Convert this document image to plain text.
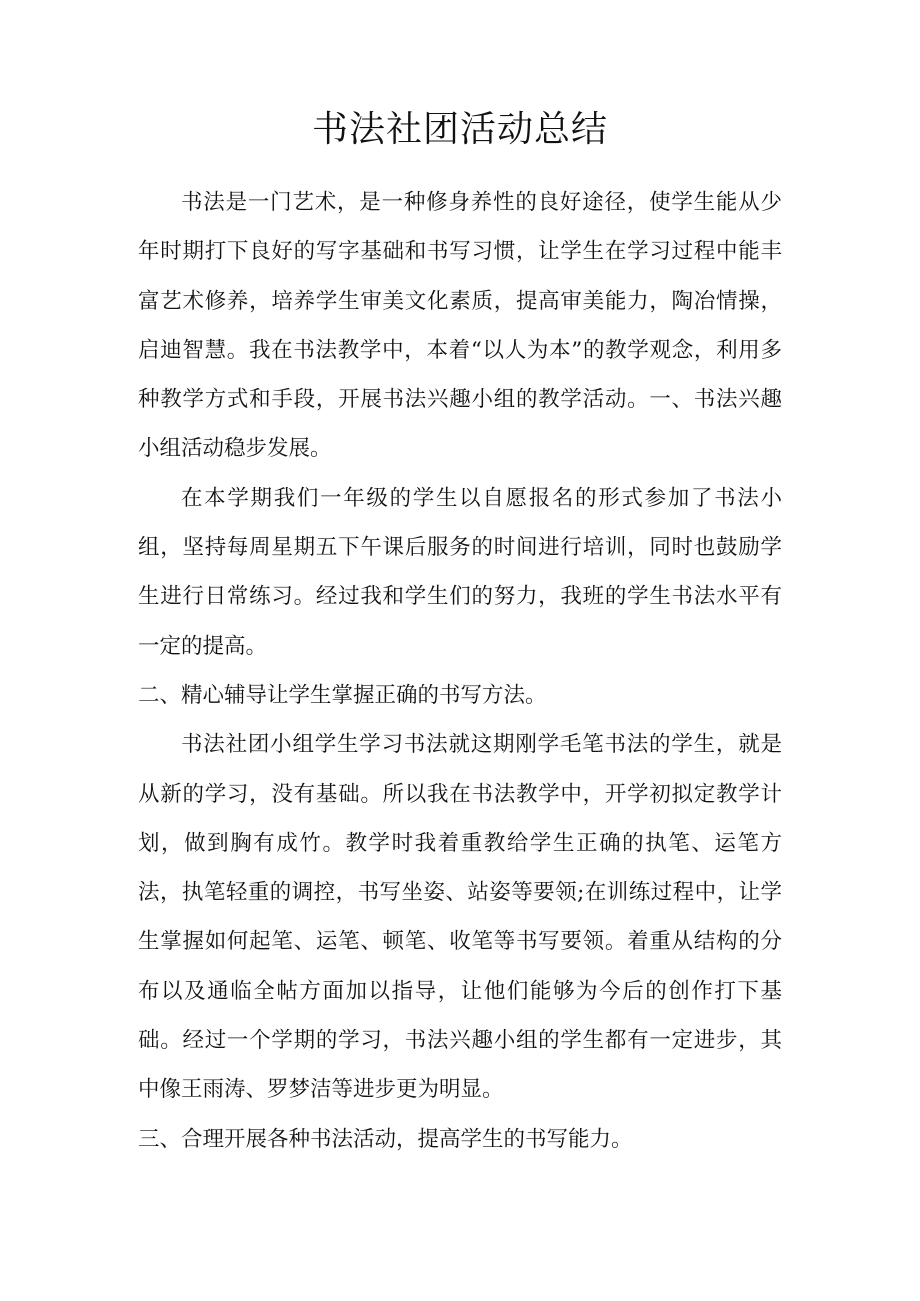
书法社团活动总结

书法是一门艺术，是一种修身养性的良好途径，使学生能从少年时期打下良好的写字基础和书写习惯，让学生在学习过程中能丰富艺术修养，培养学生审美文化素质，提高审美能力，陶冶情操，启迪智慧。我在书法教学中，本着“以人为本”的教学观念，利用多种教学方式和手段，开展书法兴趣小组的教学活动。一、书法兴趣小组活动稳步发展。

在本学期我们一年级的学生以自愿报名的形式参加了书法小组，坚持每周星期五下午课后服务的时间进行培训，同时也鼓励学生进行日常练习。经过我和学生们的努力，我班的学生书法水平有一定的提高。

二、精心辅导让学生掌握正确的书写方法。

书法社团小组学生学习书法就这期刚学毛笔书法的学生，就是从新的学习，没有基础。所以我在书法教学中，开学初拟定教学计划，做到胸有成竹。教学时我着重教给学生正确的执笔、运笔方法，执笔轻重的调控，书写坐姿、站姿等要领;在训练过程中，让学生掌握如何起笔、运笔、顿笔、收笔等书写要领。着重从结构的分布以及通临全帖方面加以指导，让他们能够为今后的创作打下基础。经过一个学期的学习，书法兴趣小组的学生都有一定进步，其中像王雨涛、罗梦洁等进步更为明显。

三、合理开展各种书法活动，提高学生的书写能力。
